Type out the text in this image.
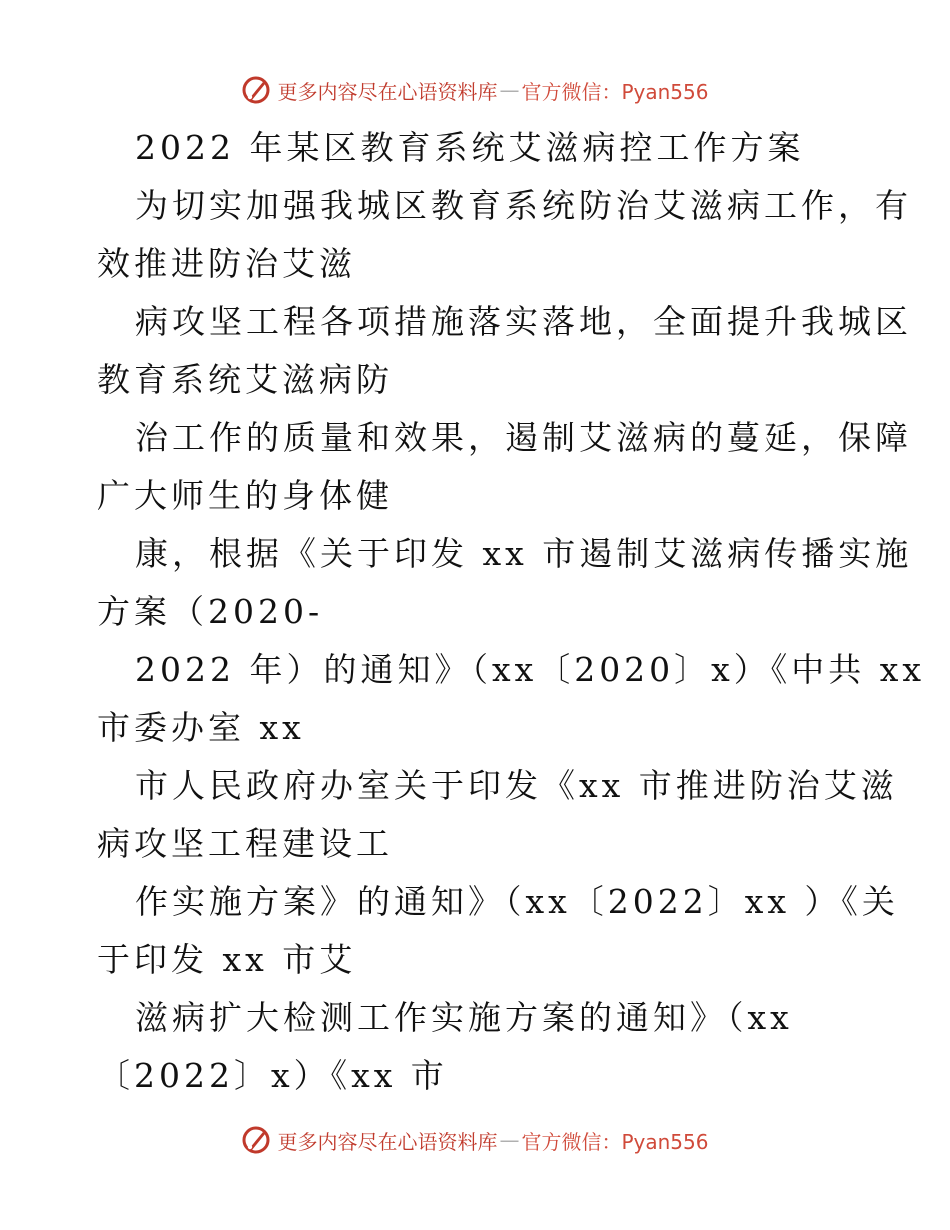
更多内容尽在心语资料库 — 官方微信：Pyan556
2022 年某区教育系统艾滋病控工作方案
为切实加强我城区教育系统防治艾滋病工作，有
效推进防治艾滋
病攻坚工程各项措施落实落地，全面提升我城区
教育系统艾滋病防
治工作的质量和效果，遏制艾滋病的蔓延，保障
广大师生的身体健
康，根据《关于印发 xx 市遏制艾滋病传播实施
方案（2020-
2022 年）的通知》（xx〔2020〕x）《中共 xx
市委办室 xx
市人民政府办室关于印发《xx 市推进防治艾滋
病攻坚工程建设工
作实施方案》的通知》（xx〔2022〕xx ）《关
于印发 xx 市艾
滋病扩大检测工作实施方案的通知》（xx
〔2022〕x）《xx 市
更多内容尽在心语资料库 — 官方微信：Pyan556
